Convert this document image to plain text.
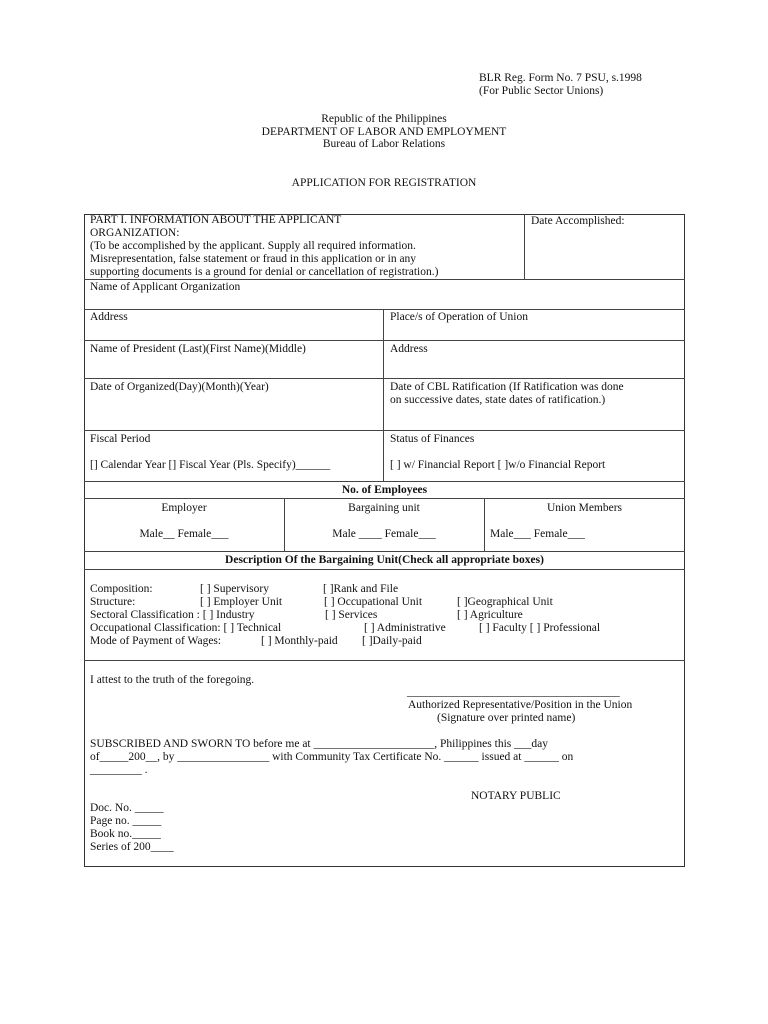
BLR Reg. Form No. 7 PSU, s.1998
(For Public Sector Unions)
Republic of the Philippines
DEPARTMENT OF LABOR AND EMPLOYMENT
Bureau of Labor Relations
APPLICATION FOR REGISTRATION
PART I. INFORMATION ABOUT THE APPLICANT
ORGANIZATION:
(To be accomplished by the applicant. Supply all required information.
Misrepresentation, false statement or fraud in this application or in any
supporting documents is a ground for denial or cancellation of registration.)
Date Accomplished:
Name of Applicant Organization
Address	Place/s of Operation of Union
Name of President (Last)(First Name)(Middle)	Address
Date of Organized(Day)(Month)(Year)	Date of CBL Ratification (If Ratification was done
on successive dates, state dates of ratification.)
Fiscal Period
[] Calendar Year [] Fiscal Year (Pls. Specify)______
Status of Finances
[ ] w/ Financial Report [ ]w/o Financial Report
No. of Employees
Employer
Male__ Female___
Bargaining unit
Male ____ Female___
Union Members
Male___ Female___
Description Of the Bargaining Unit(Check all appropriate boxes)
Composition:	[ ] Supervisory	[ ]Rank and File
Structure:	[ ] Employer Unit	[ ] Occupational Unit	[ ]Geographical Unit
Sectoral Classification : [ ] Industry	[ ] Services	[ ] Agriculture
Occupational Classification: [ ] Technical	[ ] Administrative	[ ] Faculty [ ] Professional
Mode of Payment of Wages:	[ ] Monthly-paid [ ]Daily-paid
I attest to the truth of the foregoing.
_____________________________________
Authorized Representative/Position in the Union
(Signature over printed name)
SUBSCRIBED AND SWORN TO before me at _____________________, Philippines this ___day
of_____200__, by ________________ with Community Tax Certificate No. ______ issued at ______ on
_________ .
NOTARY PUBLIC
Doc. No. _____
Page no. _____
Book no._____
Series of 200____
